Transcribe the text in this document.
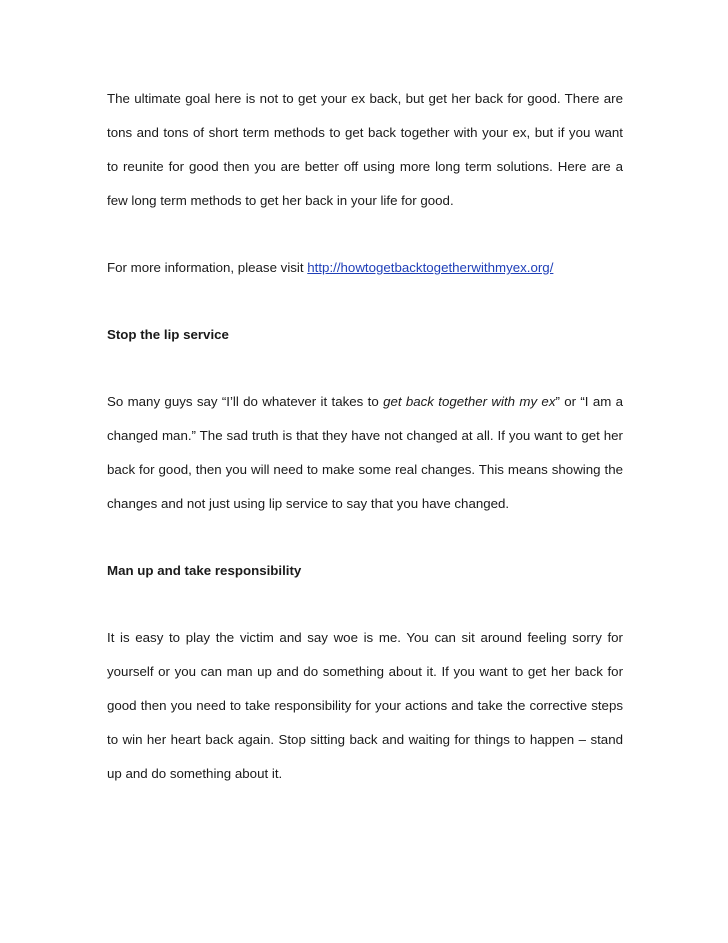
The ultimate goal here is not to get your ex back, but get her back for good. There are tons and tons of short term methods to get back together with your ex, but if you want to reunite for good then you are better off using more long term solutions. Here are a few long term methods to get her back in your life for good.

For more information, please visit http://howtogetbacktogetherwithmyex.org/

Stop the lip service

So many guys say “I’ll do whatever it takes to get back together with my ex” or “I am a changed man.” The sad truth is that they have not changed at all. If you want to get her back for good, then you will need to make some real changes. This means showing the changes and not just using lip service to say that you have changed.

Man up and take responsibility

It is easy to play the victim and say woe is me. You can sit around feeling sorry for yourself or you can man up and do something about it. If you want to get her back for good then you need to take responsibility for your actions and take the corrective steps to win her heart back again. Stop sitting back and waiting for things to happen – stand up and do something about it.
